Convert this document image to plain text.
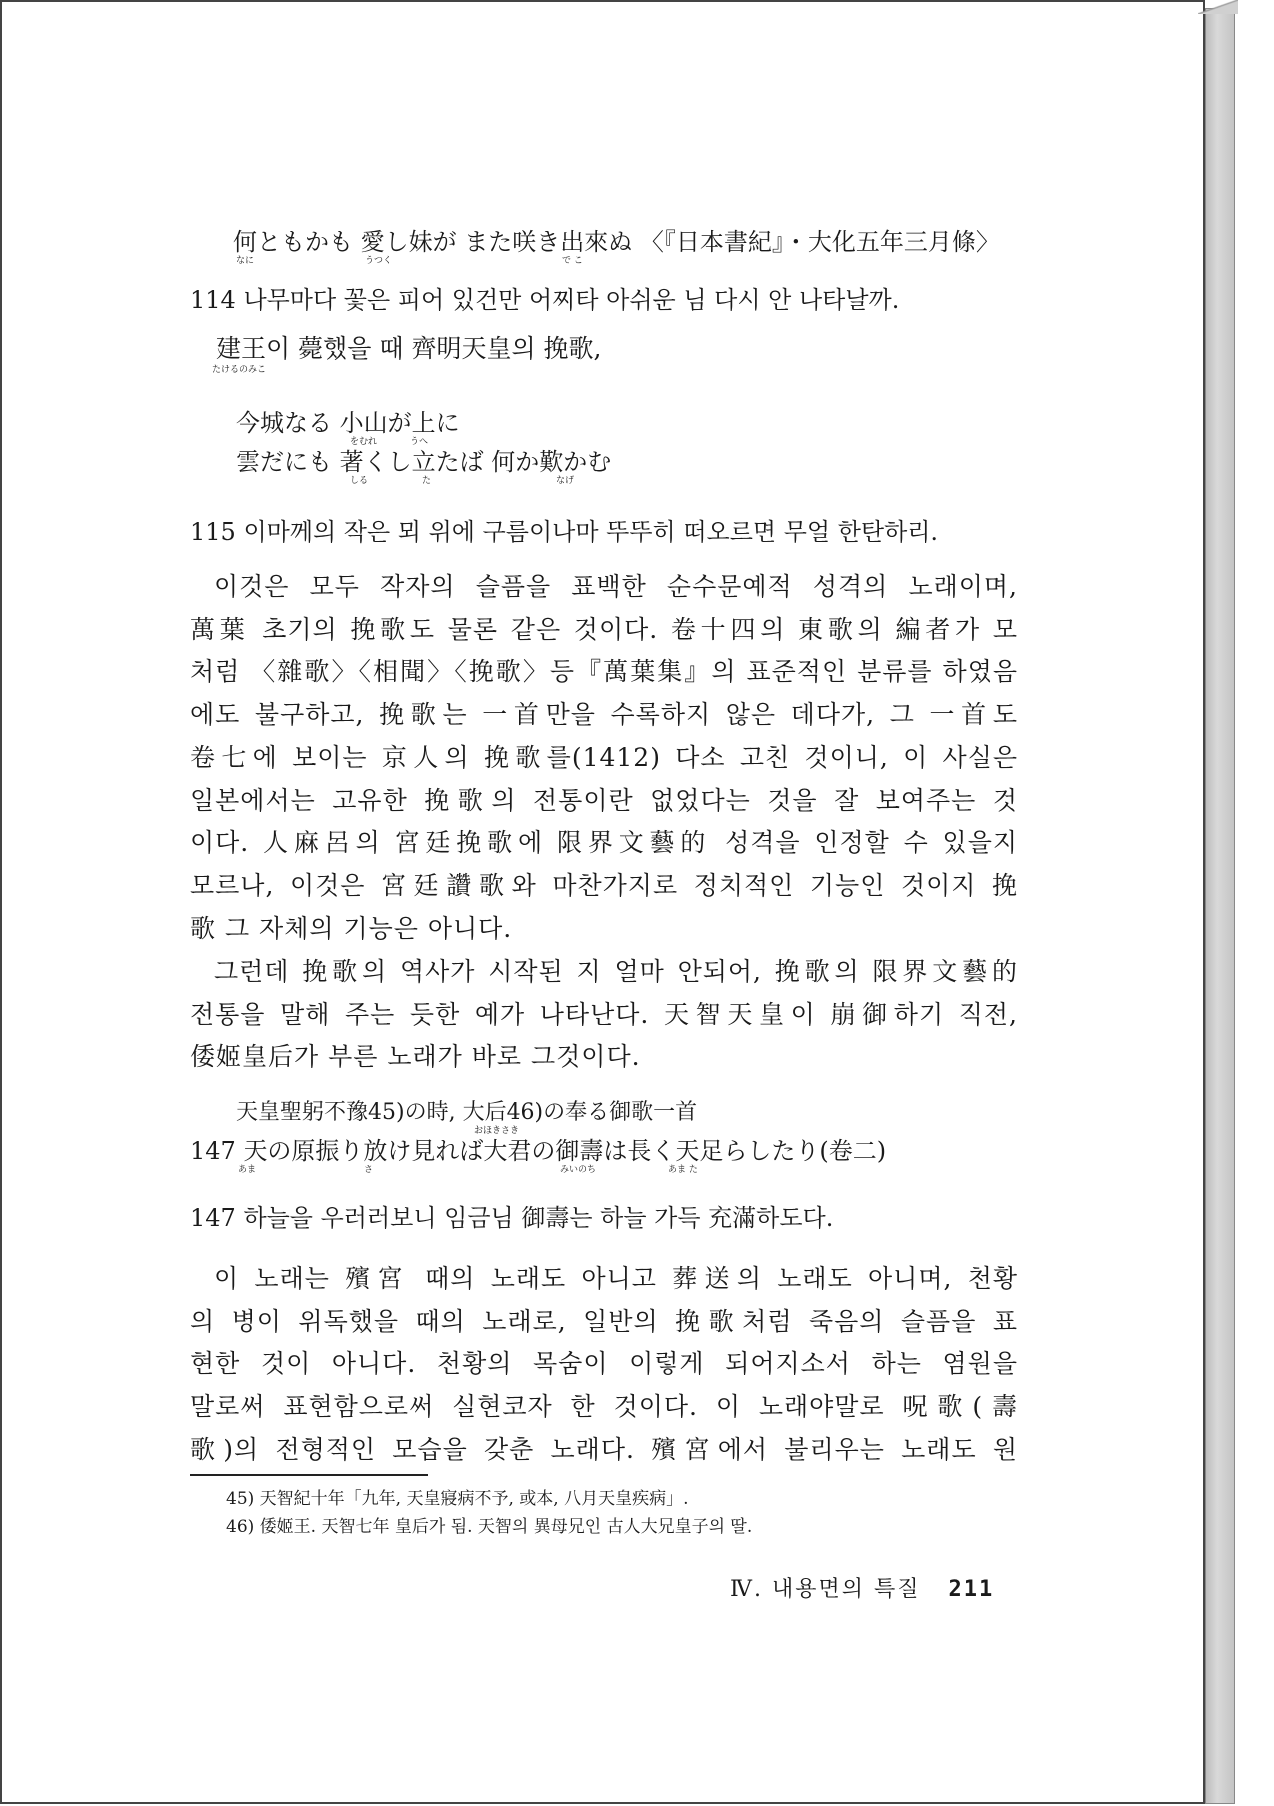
何ともかも 愛し妹が また咲き出來ぬ 〈『日本書紀』・大化五年三月條〉
なに	うつく	で こ
114 나무마다 꽃은 피어 있건만 어찌타 아쉬운 님 다시 안 나타날까.
建王이 薨했을 때 齊明天皇의 挽歌,
たけるのみこ
今城なる 小山が上に
をむれ	うへ
雲だにも 著くし立たば 何か歎かむ
しる	た	なげ
115 이마께의 작은 뫼 위에 구름이나마 뚜뚜히 떠오르면 무얼 한탄하리.
이것은 모두 작자의 슬픔을 표백한 순수문예적 성격의 노래이며,
萬葉 초기의 挽歌도 물론 같은 것이다. 卷十四의 東歌의 編者가 모
처럼 〈雜歌〉〈相聞〉〈挽歌〉등『萬葉集』의 표준적인 분류를 하였음
에도 불구하고, 挽歌는 一首만을 수록하지 않은 데다가, 그 一首도
卷七에 보이는 京人의 挽歌를(1412) 다소 고친 것이니, 이 사실은
일본에서는 고유한 挽歌의 전통이란 없었다는 것을 잘 보여주는 것
이다. 人麻呂의 宮廷挽歌에 限界文藝的 성격을 인정할 수 있을지
모르나, 이것은 宮廷讚歌와 마찬가지로 정치적인 기능인 것이지 挽
歌 그 자체의 기능은 아니다.
그런데 挽歌의 역사가 시작된 지 얼마 안되어, 挽歌의 限界文藝的
전통을 말해 주는 듯한 예가 나타난다. 天智天皇이 崩御하기 직전,
倭姬皇后가 부른 노래가 바로 그것이다.
天皇聖躬不豫45)の時, 大后46)の奉る御歌一首
おほきさき
147 天の原振り放け見れば大君の御壽は長く天足らしたり(卷二)
あま	さ	みいのち	あま た
147 하늘을 우러러보니 임금님 御壽는 하늘 가득 充滿하도다.
이 노래는 殯宮 때의 노래도 아니고 葬送의 노래도 아니며, 천황
의 병이 위독했을 때의 노래로, 일반의 挽歌처럼 죽음의 슬픔을 표
현한 것이 아니다. 천황의 목숨이 이렇게 되어지소서 하는 염원을
말로써 표현함으로써 실현코자 한 것이다. 이 노래야말로 呪歌(壽
歌)의 전형적인 모습을 갖춘 노래다. 殯宮에서 불리우는 노래도 원
45) 天智紀十年「九年, 天皇寢病不予, 或本, 八月天皇疾病」.
46) 倭姬王. 天智七年 皇后가 됨. 天智의 異母兄인 古人大兄皇子의 딸.
Ⅳ. 내용면의 특질 211
